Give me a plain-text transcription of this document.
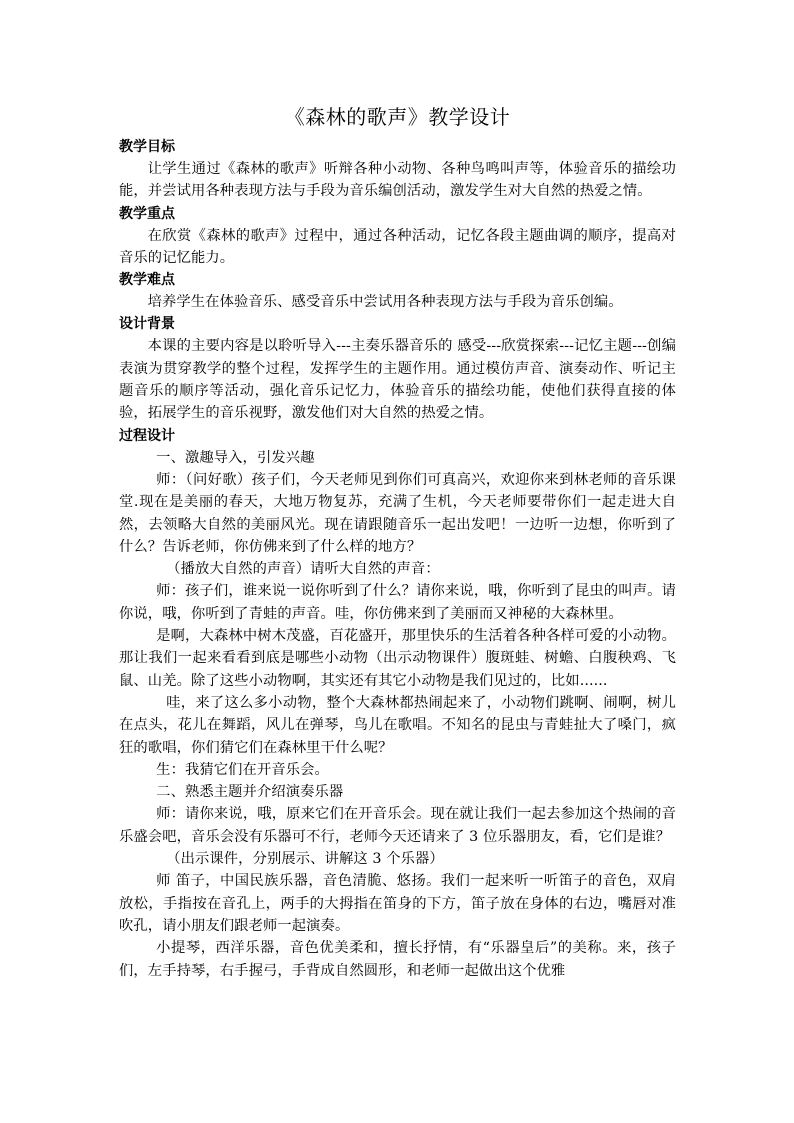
《森林的歌声》教学设计

教学目标

让学生通过《森林的歌声》听辩各种小动物、各种鸟鸣叫声等，体验音乐的描绘功能，并尝试用各种表现方法与手段为音乐编创活动，激发学生对大自然的热爱之情。

教学重点

在欣赏《森林的歌声》过程中，通过各种活动，记忆各段主题曲调的顺序，提高对音乐的记忆能力。

教学难点

培养学生在体验音乐、感受音乐中尝试用各种表现方法与手段为音乐创编。

设计背景

本课的主要内容是以聆听导入---主奏乐器音乐的 感受---欣赏探索---记忆主题---创编表演为贯穿教学的整个过程，发挥学生的主题作用。通过模仿声音、演奏动作、听记主题音乐的顺序等活动，强化音乐记忆力，体验音乐的描绘功能，使他们获得直接的体验，拓展学生的音乐视野，激发他们对大自然的热爱之情。

过程设计

一、激趣导入，引发兴趣

师：（问好歌）孩子们，今天老师见到你们可真高兴，欢迎你来到林老师的音乐课堂.现在是美丽的春天，大地万物复苏，充满了生机，今天老师要带你们一起走进大自然，去领略大自然的美丽风光。现在请跟随音乐一起出发吧！一边听一边想，你听到了什么？告诉老师，你仿佛来到了什么样的地方？

（播放大自然的声音）请听大自然的声音：

师：孩子们，谁来说一说你听到了什么？请你来说，哦，你听到了昆虫的叫声。请你说，哦，你听到了青蛙的声音。哇，你仿佛来到了美丽而又神秘的大森林里。

是啊，大森林中树木茂盛，百花盛开，那里快乐的生活着各种各样可爱的小动物。那让我们一起来看看到底是哪些小动物（出示动物课件）腹斑蛙、树蟾、白腹秧鸡、飞鼠、山羌。除了这些小动物啊，其实还有其它小动物是我们见过的，比如......

哇，来了这么多小动物，整个大森林都热闹起来了，小动物们跳啊、闹啊，树儿在点头，花儿在舞蹈，风儿在弹琴，鸟儿在歌唱。不知名的昆虫与青蛙扯大了嗓门，疯狂的歌唱，你们猜它们在森林里干什么呢？

生：我猜它们在开音乐会。

二、熟悉主题并介绍演奏乐器

师：请你来说，哦，原来它们在开音乐会。现在就让我们一起去参加这个热闹的音乐盛会吧，音乐会没有乐器可不行，老师今天还请来了 3 位乐器朋友，看，它们是谁？

（出示课件，分别展示、讲解这 3 个乐器）

师 笛子，中国民族乐器，音色清脆、悠扬。我们一起来听一听笛子的音色，双肩放松，手指按在音孔上，两手的大拇指在笛身的下方，笛子放在身体的右边，嘴唇对准吹孔，请小朋友们跟老师一起演奏。

小提琴，西洋乐器，音色优美柔和，擅长抒情，有“乐器皇后”的美称。来，孩子们，左手持琴，右手握弓，手背成自然圆形，和老师一起做出这个优雅
